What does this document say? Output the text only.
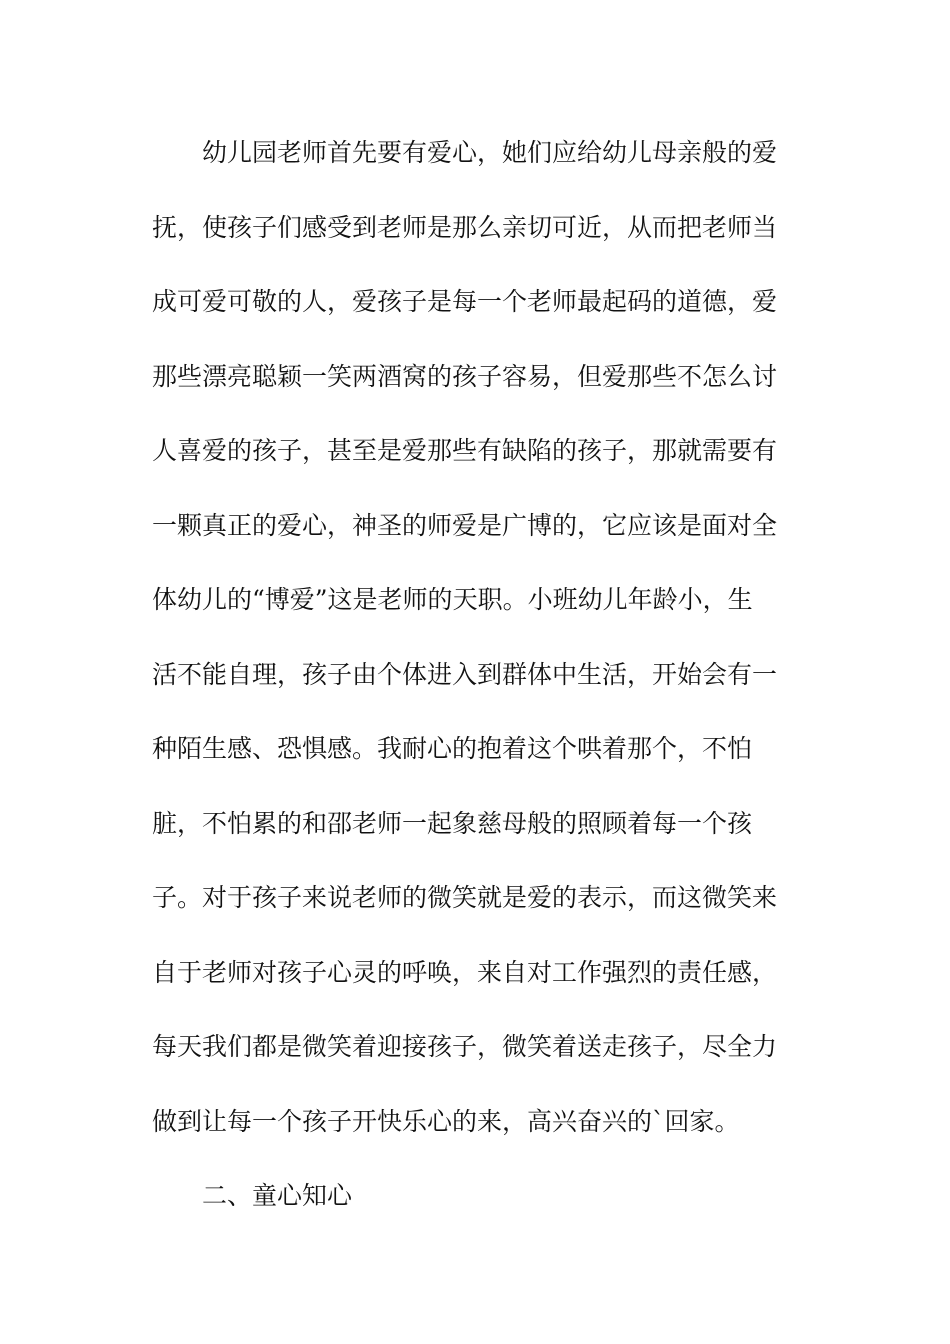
幼儿园老师首先要有爱心，她们应给幼儿母亲般的爱
抚，使孩子们感受到老师是那么亲切可近，从而把老师当
成可爱可敬的人，爱孩子是每一个老师最起码的道德，爱
那些漂亮聪颖一笑两酒窝的孩子容易，但爱那些不怎么讨
人喜爱的孩子，甚至是爱那些有缺陷的孩子，那就需要有
一颗真正的爱心，神圣的师爱是广博的，它应该是面对全
体幼儿的“博爱”这是老师的天职。小班幼儿年龄小，生
活不能自理，孩子由个体进入到群体中生活，开始会有一
种陌生感、恐惧感。我耐心的抱着这个哄着那个，不怕
脏，不怕累的和邵老师一起象慈母般的照顾着每一个孩
子。对于孩子来说老师的微笑就是爱的表示，而这微笑来
自于老师对孩子心灵的呼唤，来自对工作强烈的责任感，
每天我们都是微笑着迎接孩子，微笑着送走孩子，尽全力
做到让每一个孩子开快乐心的来，高兴奋兴的`回家。
二、童心知心
